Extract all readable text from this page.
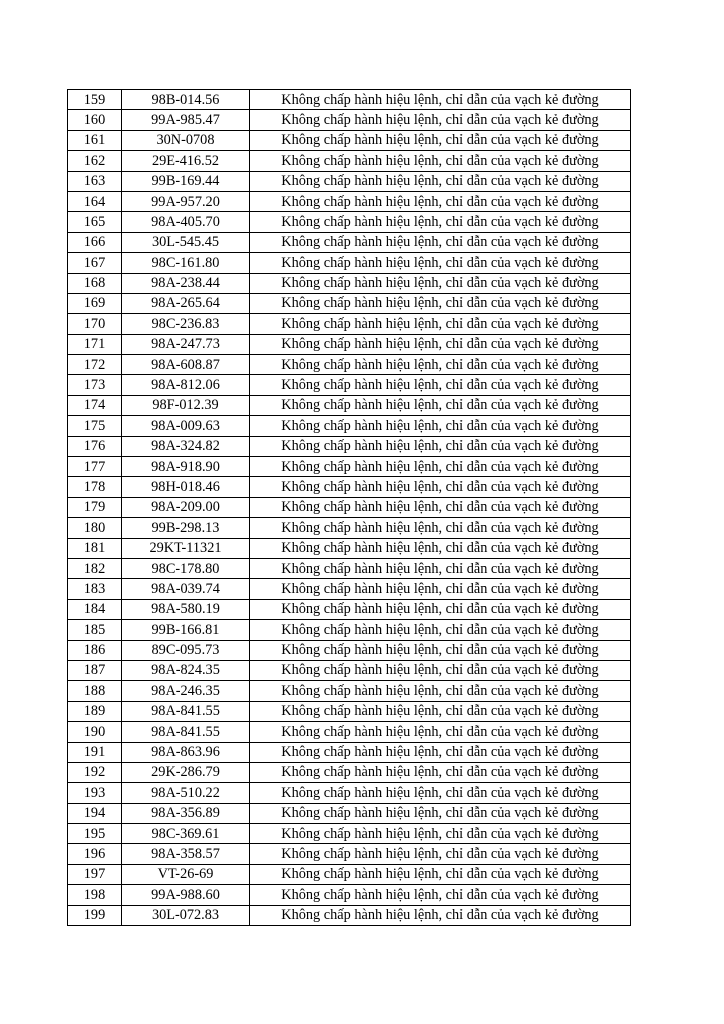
159	98B-014.56	Không chấp hành hiệu lệnh, chỉ dẫn của vạch kẻ đường
160	99A-985.47	Không chấp hành hiệu lệnh, chỉ dẫn của vạch kẻ đường
161	30N-0708	Không chấp hành hiệu lệnh, chỉ dẫn của vạch kẻ đường
162	29E-416.52	Không chấp hành hiệu lệnh, chỉ dẫn của vạch kẻ đường
163	99B-169.44	Không chấp hành hiệu lệnh, chỉ dẫn của vạch kẻ đường
164	99A-957.20	Không chấp hành hiệu lệnh, chỉ dẫn của vạch kẻ đường
165	98A-405.70	Không chấp hành hiệu lệnh, chỉ dẫn của vạch kẻ đường
166	30L-545.45	Không chấp hành hiệu lệnh, chỉ dẫn của vạch kẻ đường
167	98C-161.80	Không chấp hành hiệu lệnh, chỉ dẫn của vạch kẻ đường
168	98A-238.44	Không chấp hành hiệu lệnh, chỉ dẫn của vạch kẻ đường
169	98A-265.64	Không chấp hành hiệu lệnh, chỉ dẫn của vạch kẻ đường
170	98C-236.83	Không chấp hành hiệu lệnh, chỉ dẫn của vạch kẻ đường
171	98A-247.73	Không chấp hành hiệu lệnh, chỉ dẫn của vạch kẻ đường
172	98A-608.87	Không chấp hành hiệu lệnh, chỉ dẫn của vạch kẻ đường
173	98A-812.06	Không chấp hành hiệu lệnh, chỉ dẫn của vạch kẻ đường
174	98F-012.39	Không chấp hành hiệu lệnh, chỉ dẫn của vạch kẻ đường
175	98A-009.63	Không chấp hành hiệu lệnh, chỉ dẫn của vạch kẻ đường
176	98A-324.82	Không chấp hành hiệu lệnh, chỉ dẫn của vạch kẻ đường
177	98A-918.90	Không chấp hành hiệu lệnh, chỉ dẫn của vạch kẻ đường
178	98H-018.46	Không chấp hành hiệu lệnh, chỉ dẫn của vạch kẻ đường
179	98A-209.00	Không chấp hành hiệu lệnh, chỉ dẫn của vạch kẻ đường
180	99B-298.13	Không chấp hành hiệu lệnh, chỉ dẫn của vạch kẻ đường
181	29KT-11321	Không chấp hành hiệu lệnh, chỉ dẫn của vạch kẻ đường
182	98C-178.80	Không chấp hành hiệu lệnh, chỉ dẫn của vạch kẻ đường
183	98A-039.74	Không chấp hành hiệu lệnh, chỉ dẫn của vạch kẻ đường
184	98A-580.19	Không chấp hành hiệu lệnh, chỉ dẫn của vạch kẻ đường
185	99B-166.81	Không chấp hành hiệu lệnh, chỉ dẫn của vạch kẻ đường
186	89C-095.73	Không chấp hành hiệu lệnh, chỉ dẫn của vạch kẻ đường
187	98A-824.35	Không chấp hành hiệu lệnh, chỉ dẫn của vạch kẻ đường
188	98A-246.35	Không chấp hành hiệu lệnh, chỉ dẫn của vạch kẻ đường
189	98A-841.55	Không chấp hành hiệu lệnh, chỉ dẫn của vạch kẻ đường
190	98A-841.55	Không chấp hành hiệu lệnh, chỉ dẫn của vạch kẻ đường
191	98A-863.96	Không chấp hành hiệu lệnh, chỉ dẫn của vạch kẻ đường
192	29K-286.79	Không chấp hành hiệu lệnh, chỉ dẫn của vạch kẻ đường
193	98A-510.22	Không chấp hành hiệu lệnh, chỉ dẫn của vạch kẻ đường
194	98A-356.89	Không chấp hành hiệu lệnh, chỉ dẫn của vạch kẻ đường
195	98C-369.61	Không chấp hành hiệu lệnh, chỉ dẫn của vạch kẻ đường
196	98A-358.57	Không chấp hành hiệu lệnh, chỉ dẫn của vạch kẻ đường
197	VT-26-69	Không chấp hành hiệu lệnh, chỉ dẫn của vạch kẻ đường
198	99A-988.60	Không chấp hành hiệu lệnh, chỉ dẫn của vạch kẻ đường
199	30L-072.83	Không chấp hành hiệu lệnh, chỉ dẫn của vạch kẻ đường
